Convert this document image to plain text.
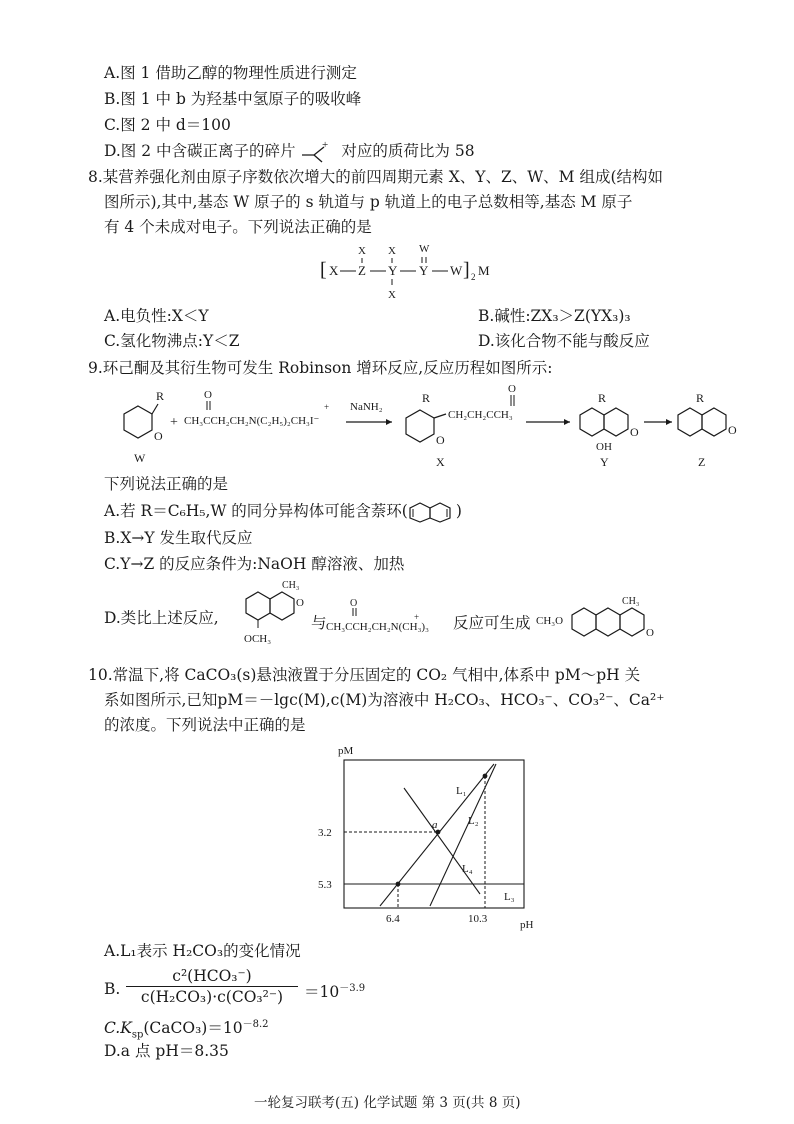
A.图 1 借助乙醇的物理性质进行测定
B.图 1 中 b 为羟基中氢原子的吸收峰
C.图 2 中 d＝100
D.图 2 中含碳正离子的碎片 + 对应的质荷比为 58
8.某营养强化剂由原子序数依次增大的前四周期元素 X、Y、Z、W、M 组成(结构如
图所示),其中,基态 W 原子的 s 轨道与 p 轨道上的电子总数相等,基态 M 原子
有 4 个未成对电子。下列说法正确的是
[ X Z
X
Y
X
X
Y
W
W ] 2 M
A.电负性:X＜Y	B.碱性:ZX₃＞Z(YX₃)₃
C.氢化物沸点:Y＜Z	D.该化合物不能与酸反应
9.环己酮及其衍生物可发生 Robinson 增环反应,反应历程如图所示:
R
O
W
+
O
CH₃CCH₂CH₂N(C₂H₅)₂CH₃I⁻
+ NaNH₂
R
O
CH₂CH₂CCH₃
O
X
R
O
OH
Y
R
O
Z
下列说法正确的是
A.若 R＝C₆H₅,W 的同分异构体可能含萘环(	)
B.X→Y 发生取代反应
C.Y→Z 的反应条件为:NaOH 醇溶液、加热
D.类比上述反应,
CH₃
O
OCH₃
与
O
CH₃CCH₂CH₂N(CH₃)₃
+ 反应可生成 CH₃O
CH₃
O
10.常温下,将 CaCO₃(s)悬浊液置于分压固定的 CO₂ 气相中,体系中 pM～pH 关
系如图所示,已知pM＝－lgc(M),c(M)为溶液中 H₂CO₃、HCO₃⁻、CO₃²⁻、Ca²⁺
的浓度。下列说法中正确的是
pM
pH
3.2
5.3
6.4	10.3
a
L₁
L₂
L₃
L₄
A.L₁表示 H₂CO₃的变化情况
B.
c²(HCO₃⁻)
c(H₂CO₃)·c(CO₃²⁻)	$=10^{-3.9}$
$C.K_{sp}(CaCO_3)=10^{-8.2}$
D.a 点 pH＝8.35
一轮复习联考(五) 化学试题 第 3 页(共 8 页)
